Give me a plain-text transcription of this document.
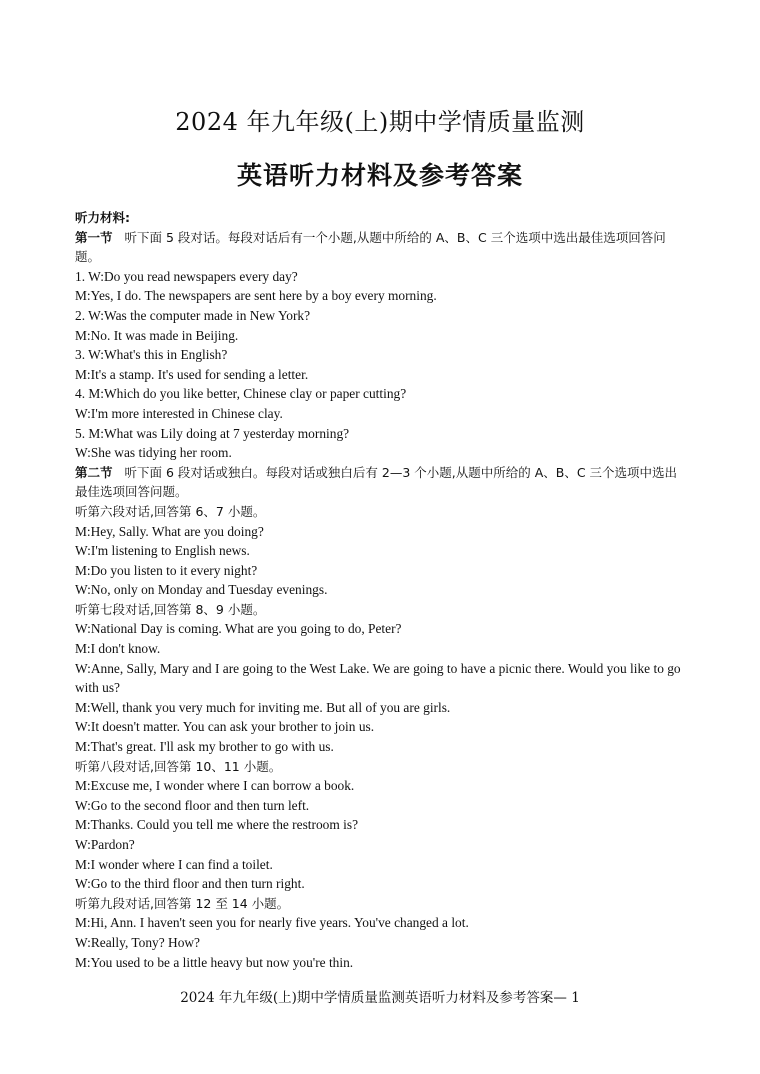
2024 年九年级(上)期中学情质量监测
英语听力材料及参考答案
听力材料:
第一节 听下面 5 段对话。每段对话后有一个小题,从题中所给的 A、B、C 三个选项中选出最佳选项回答问题。
1. W:Do you read newspapers every day?
M:Yes, I do. The newspapers are sent here by a boy every morning.
2. W:Was the computer made in New York?
M:No. It was made in Beijing.
3. W:What's this in English?
M:It's a stamp. It's used for sending a letter.
4. M:Which do you like better, Chinese clay or paper cutting?
W:I'm more interested in Chinese clay.
5. M:What was Lily doing at 7 yesterday morning?
W:She was tidying her room.
第二节 听下面 6 段对话或独白。每段对话或独白后有 2—3 个小题,从题中所给的 A、B、C 三个选项中选出最佳选项回答问题。
听第六段对话,回答第 6、7 小题。
M:Hey, Sally. What are you doing?
W:I'm listening to English news.
M:Do you listen to it every night?
W:No, only on Monday and Tuesday evenings.
听第七段对话,回答第 8、9 小题。
W:National Day is coming. What are you going to do, Peter?
M:I don't know.
W:Anne, Sally, Mary and I are going to the West Lake. We are going to have a picnic there. Would you like to go with us?
M:Well, thank you very much for inviting me. But all of you are girls.
W:It doesn't matter. You can ask your brother to join us.
M:That's great. I'll ask my brother to go with us.
听第八段对话,回答第 10、11 小题。
M:Excuse me, I wonder where I can borrow a book.
W:Go to the second floor and then turn left.
M:Thanks. Could you tell me where the restroom is?
W:Pardon?
M:I wonder where I can find a toilet.
W:Go to the third floor and then turn right.
听第九段对话,回答第 12 至 14 小题。
M:Hi, Ann. I haven't seen you for nearly five years. You've changed a lot.
W:Really, Tony? How?
M:You used to be a little heavy but now you're thin.
2024 年九年级(上)期中学情质量监测英语听力材料及参考答案— 1
